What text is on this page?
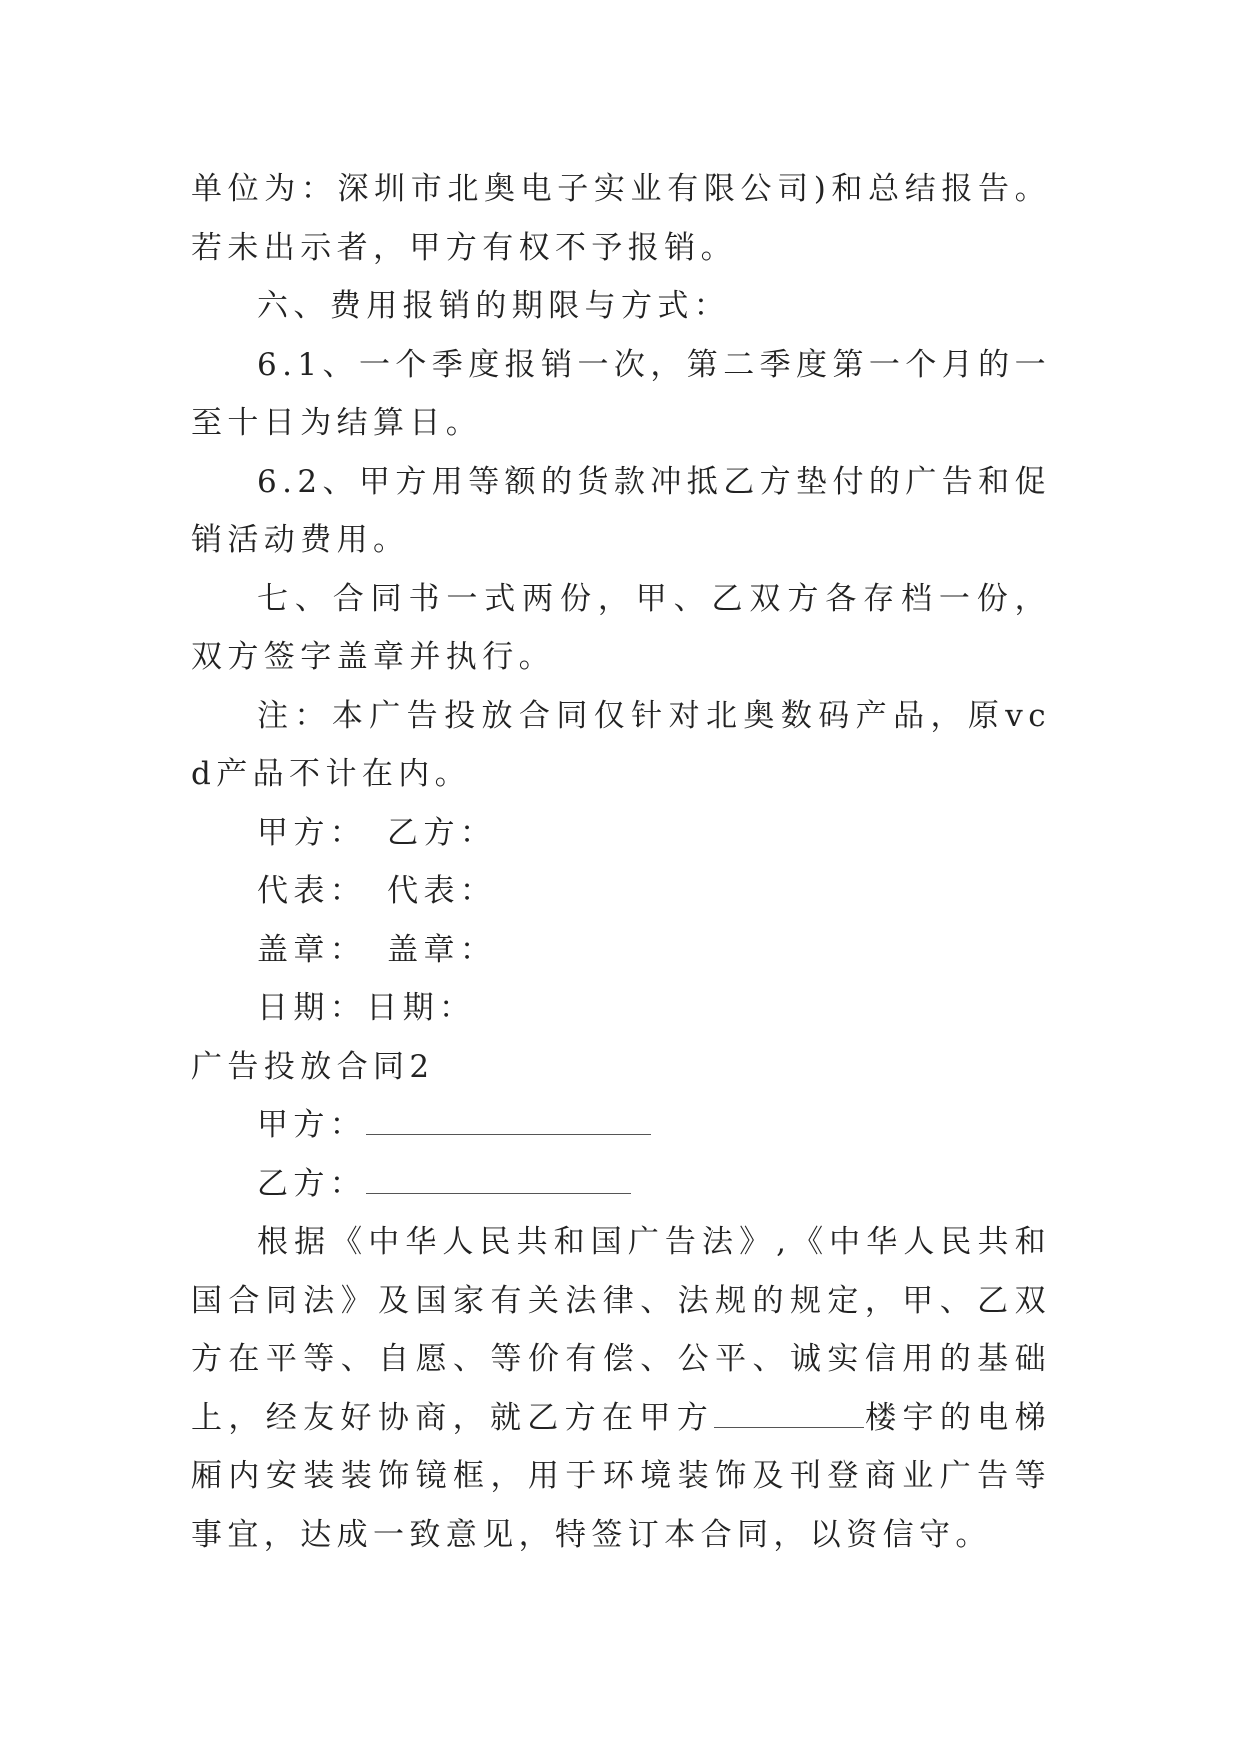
单位为：深圳市北奥电子实业有限公司)和总结报告。若未出示者，甲方有权不予报销。

六、费用报销的期限与方式：

6.1、一个季度报销一次，第二季度第一个月的一至十日为结算日。

6.2、甲方用等额的货款冲抵乙方垫付的广告和促销活动费用。

七、合同书一式两份，甲、乙双方各存档一份，双方签字盖章并执行。

注：本广告投放合同仅针对北奥数码产品，原vcd产品不计在内。

甲方：　乙方：

代表：　代表：

盖章：　盖章：

日期：日期：

广告投放合同2

甲方：

乙方：

根据《中华人民共和国广告法》,《中华人民共和国合同法》及国家有关法律、法规的规定，甲、乙双方在平等、自愿、等价有偿、公平、诚实信用的基础上，经友好协商，就乙方在甲方	楼宇的电梯厢内安装装饰镜框，用于环境装饰及刊登商业广告等事宜，达成一致意见，特签订本合同，以资信守。
